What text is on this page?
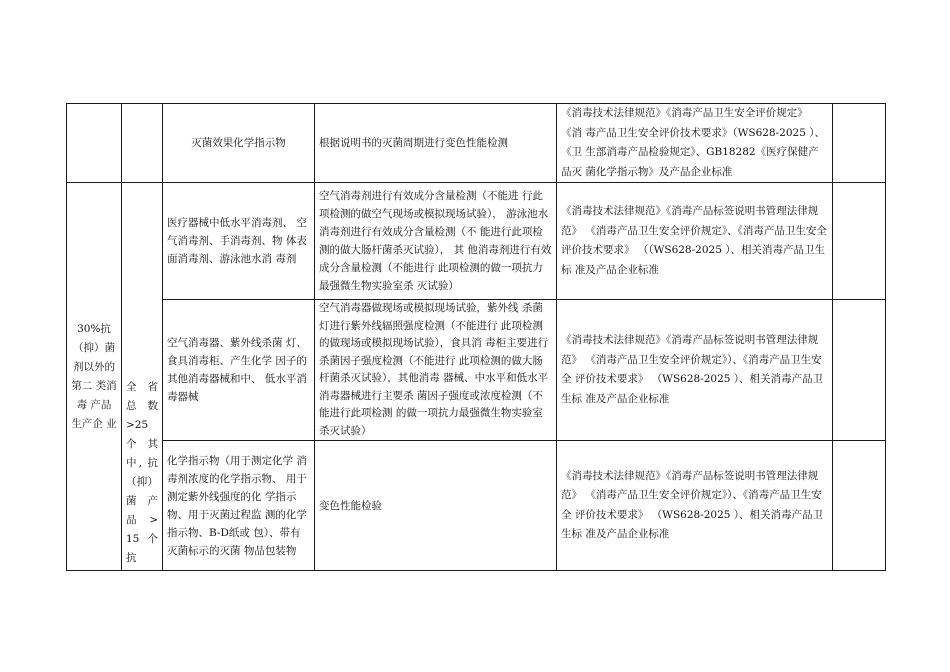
		灭菌效果化学指示物	根据说明书的灭菌周期进行变色性能检测	《消毒技术法律规范》《消毒产品卫生安全评价规定》
《消 毒产品卫生安全评价技术要求》（WS628-2025 ）、
《卫 生部消毒产品检验规定》、GB18282《医疗保健产品灭 菌化学指示物》及产品企业标准	

30%抗（抑）菌剂以外的第二 类消毒 产品 生产企 业	全省 总数 >25 个 其 中, 抗（抑）菌产 品 > 15 个 抗	医疗器械中低水平消毒剂、 空气消毒剂、手消毒剂、物 体表面消毒剂、游泳池水消 毒剂	空气消毒剂进行有效成分含量检测（不能进 行此项检测的做空气现场或模拟现场试验）， 游泳池水消毒剂进行有效成分含量检测（不 能进行此项检测的做大肠杆菌杀灭试验）， 其 他消毒剂进行有效成分含量检测（不能进行 此项检测的做一项抗力最强微生物实验室杀 灭试验）	《消毒技术法律规范》《消毒产品标签说明书管理法律规范》 《消毒产品卫生安全评价规定》、《消毒产品卫生安全 评价技术要求》 （（WS628-2025 ）、相关消毒产品卫生标 准及产品企业标准	
		空气消毒器、紫外线杀菌 灯、食具消毒柜、产生化学 因子的其他消毒器械和中、 低水平消毒器械	空气消毒器做现场或模拟现场试验，紫外线 杀菌灯进行紫外线辐照强度检测（不能进行 此项检测的做现场或模拟现场试验），食具消 毒柜主要进行杀菌因子强度检测（不能进行 此项检测的做大肠杆菌杀灭试验），其他消毒 器械、中水平和低水平消毒器械进行主要杀 菌因子强度或浓度检测（不能进行此项检测 的做一项抗力最强微生物实验室杀灭试验）	《消毒技术法律规范》《消毒产品标签说明书管理法律规范》 《消毒产品卫生安全评价规定》）、《消毒产品卫生安全 评价技术要求》 （WS628-2025 ）、相关消毒产品卫生标 准及产品企业标准	
		化学指示物（用于测定化学 消毒剂浓度的化学指示物、 用于测定紫外线强度的化 学指示物、用于灭菌过程监 测的化学指示物、B-D纸或 包）、带有灭菌标示的灭菌 物品包装物	变色性能检验	《消毒技术法律规范》《消毒产品标签说明书管理法律规范》 《消毒产品卫生安全评价规定》）、《消毒产品卫生安全 评价技术要求》 （WS628-2025 ）、相关消毒产品卫生标 准及产品企业标准	
